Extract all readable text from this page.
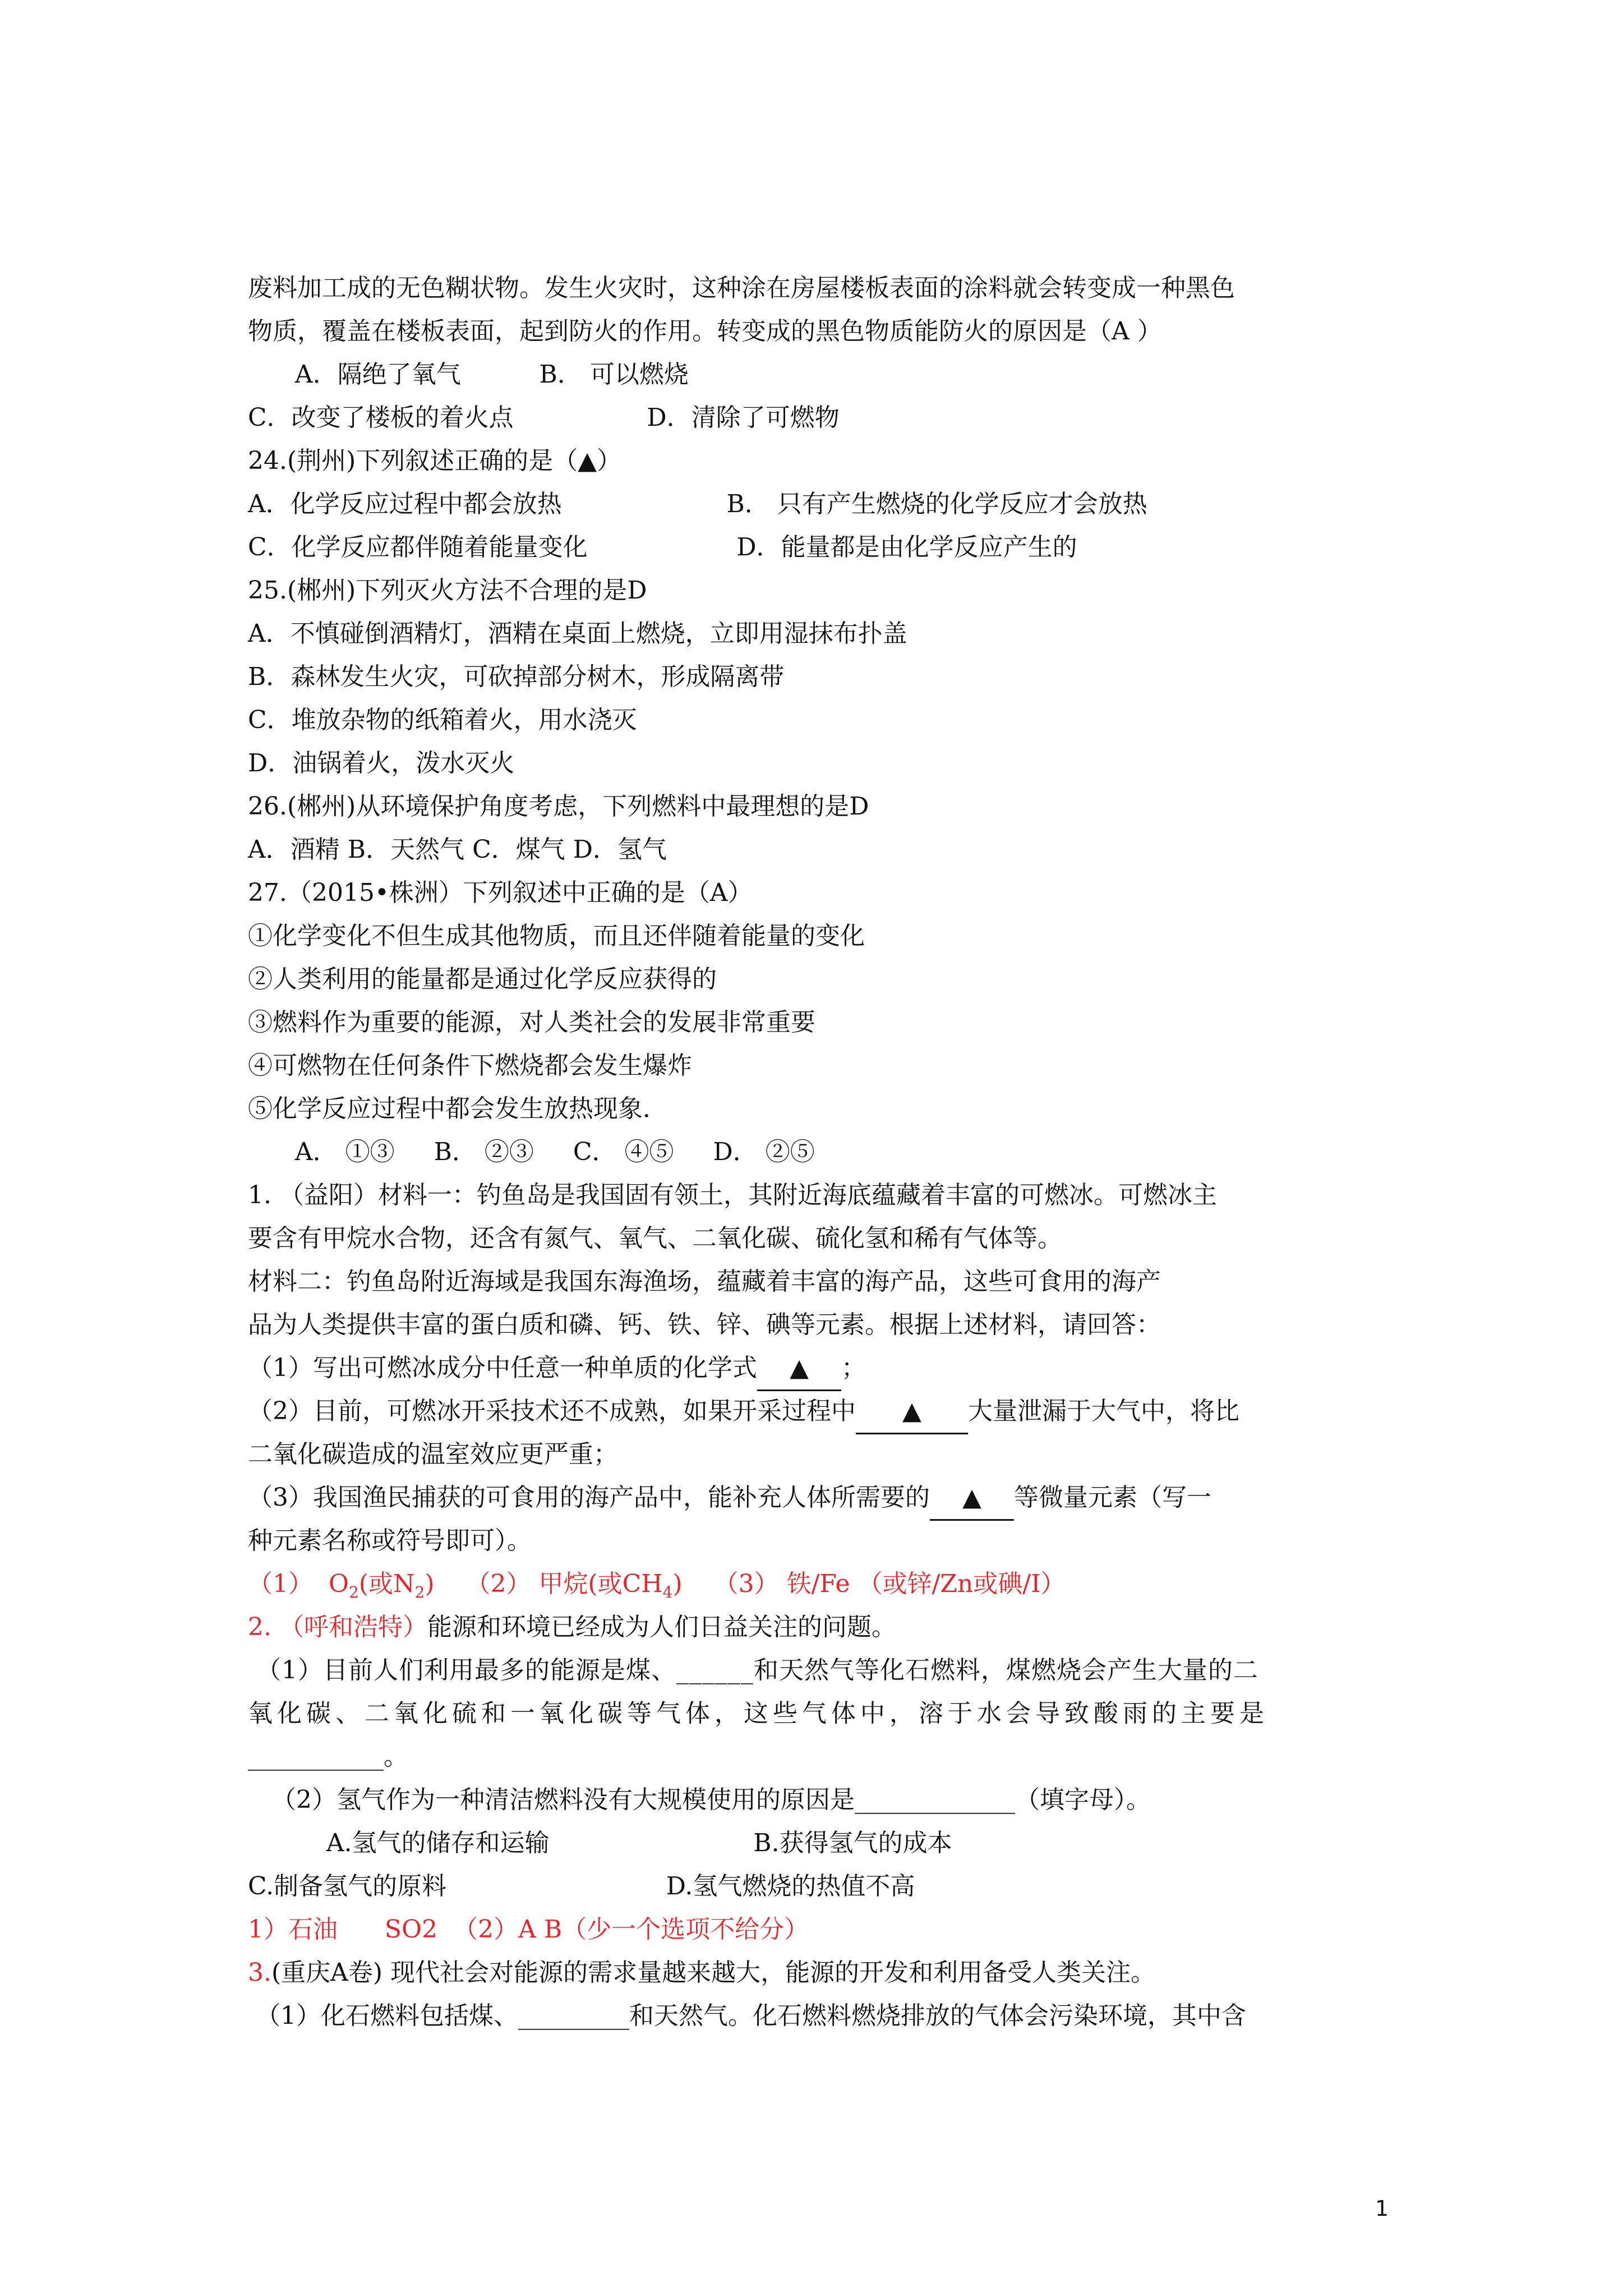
废料加工成的无色糊状物。发生火灾时，这种涂在房屋楼板表面的涂料就会转变成一种黑色
物质，覆盖在楼板表面，起到防火的作用。转变成的黑色物质能防火的原因是（A ）
A．隔绝了氧气          B． 可以燃烧
C．改变了楼板的着火点                 D．清除了可燃物
24.(荆州)下列叙述正确的是（▲）
A．化学反应过程中都会放热                     B． 只有产生燃烧的化学反应才会放热
C．化学反应都伴随着能量变化                   D．能量都是由化学反应产生的
25.(郴州)下列灭火方法不合理的是D
A．不慎碰倒酒精灯，酒精在桌面上燃烧，立即用湿抹布扑盖
B．森林发生火灾，可砍掉部分树木，形成隔离带
C．堆放杂物的纸箱着火，用水浇灭
D．油锅着火，泼水灭火
26.(郴州)从环境保护角度考虑，下列燃料中最理想的是D
A．酒精 B．天然气 C．煤气 D．氢气
27.（2015•株洲）下列叙述中正确的是（A）
①化学变化不但生成其他物质，而且还伴随着能量的变化
②人类利用的能量都是通过化学反应获得的
③燃料作为重要的能源，对人类社会的发展非常重要
④可燃物在任何条件下燃烧都会发生爆炸
⑤化学反应过程中都会发生放热现象．
A． ①③     B． ②③     C． ④⑤     D． ②⑤
1. （益阳）材料一：钓鱼岛是我国固有领土，其附近海底蕴藏着丰富的可燃冰。可燃冰主
要含有甲烷水合物，还含有氮气、氧气、二氧化碳、硫化氢和稀有气体等。
材料二：钓鱼岛附近海域是我国东海渔场，蕴藏着丰富的海产品，这些可食用的海产
品为人类提供丰富的蛋白质和磷、钙、铁、锌、碘等元素。根据上述材料，请回答：
（1）写出可燃冰成分中任意一种单质的化学式 ▲ ；
（2）目前，可燃冰开采技术还不成熟，如果开采过程中 ▲ 大量泄漏于大气中，将比
二氧化碳造成的温室效应更严重；
（3）我国渔民捕获的可食用的海产品中，能补充人体所需要的 ▲ 等微量元素（写一
种元素名称或符号即可）。
（1）  $O_2$(或$N_2$)    （2） 甲烷(或$CH_4$)    （3） 铁/Fe （或锌/Zn或碘/I）
2. （呼和浩特）能源和环境已经成为人们日益关注的问题。
（1）目前人们利用最多的能源是煤、______和天然气等化石燃料，煤燃烧会产生大量的二
氧化碳、二氧化硫和一氧化碳等气体，这些气体中，溶于水会导致酸雨的主要是
___________。
（2）氢气作为一种清洁燃料没有大规模使用的原因是_____________（填字母）。
A.氢气的储存和运输                          B.获得氢气的成本
C.制备氢气的原料                            D.氢气燃烧的热值不高
1）石油      SO2  （2）A B（少一个选项不给分）
3.(重庆A卷) 现代社会对能源的需求量越来越大，能源的开发和利用备受人类关注。
（1）化石燃料包括煤、_________和天然气。化石燃料燃烧排放的气体会污染环境，其中含
1
